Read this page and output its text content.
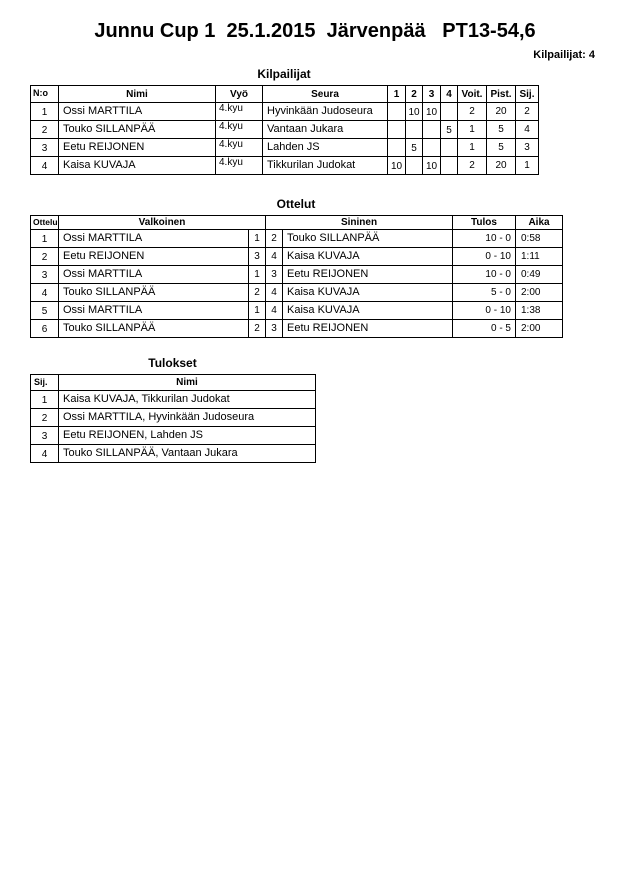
Junnu Cup 1  25.1.2015  Järvenpää   PT13-54,6
Kilpailijat: 4
Kilpailijat
N:o	Nimi	Vyö	Seura	1	2	3	4	Voit.	Pist.	Sij.
1	Ossi MARTTILA	4.kyu	Hyvinkään Judoseura		10	10		2	20	2
2	Touko SILLANPÄÄ	4.kyu	Vantaan Jukara				5	1	5	4
3	Eetu REIJONEN	4.kyu	Lahden JS		5			1	5	3
4	Kaisa KUVAJA	4.kyu	Tikkurilan Judokat	10		10		2	20	1
Ottelut
Ottelu	Valkoinen		Sininen		Tulos	Aika
1	Ossi MARTTILA	1	2	Touko SILLANPÄÄ	10 - 0	0:58
2	Eetu REIJONEN	3	4	Kaisa KUVAJA	0 - 10	1:11
3	Ossi MARTTILA	1	3	Eetu REIJONEN	10 - 0	0:49
4	Touko SILLANPÄÄ	2	4	Kaisa KUVAJA	5 - 0	2:00
5	Ossi MARTTILA	1	4	Kaisa KUVAJA	0 - 10	1:38
6	Touko SILLANPÄÄ	2	3	Eetu REIJONEN	0 - 5	2:00
Tulokset
Sij.	Nimi
1	Kaisa KUVAJA, Tikkurilan Judokat
2	Ossi MARTTILA, Hyvinkään Judoseura
3	Eetu REIJONEN, Lahden JS
4	Touko SILLANPÄÄ, Vantaan Jukara
